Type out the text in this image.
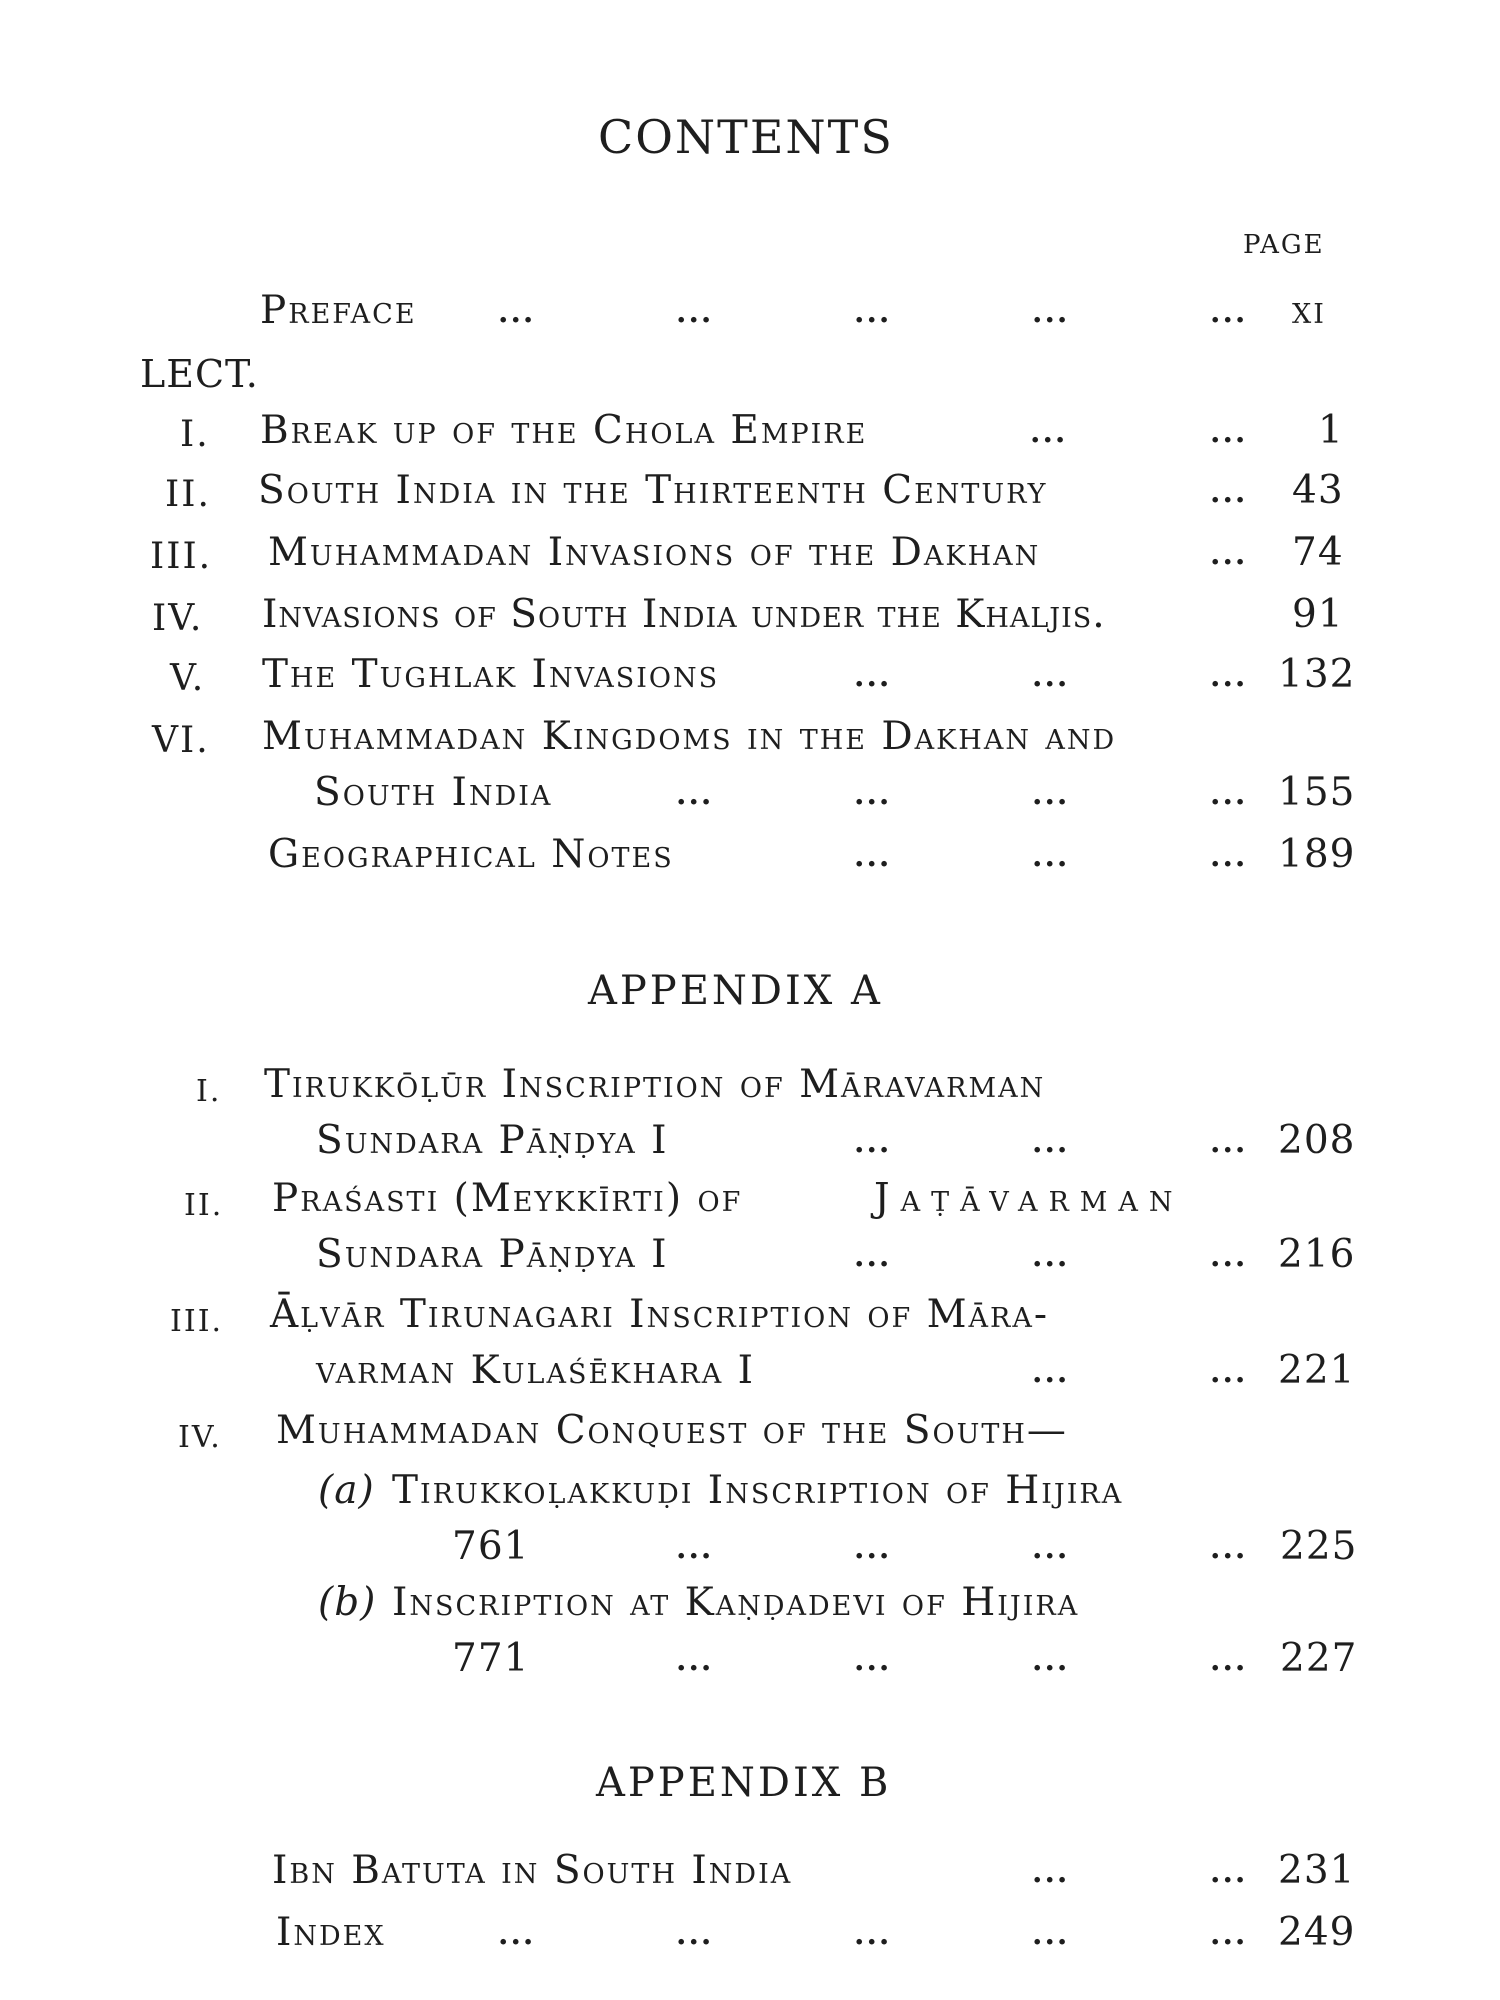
CONTENTS
PAGE
Preface	...	...	...	...	... xi
LECT.
I. Break up of the Chola Empire	...	... 1
II. South India in the Thirteenth Century	... 43
III. Muhammadan Invasions of the Dakhan	... 74
IV. Invasions of South India under the Khaljis.	91
V. The Tughlak Invasions	...	...	... 132
VI. Muhammadan Kingdoms in the Dakhan and
South India	...	...	...	... 155
Geographical Notes	...	...	... 189
APPENDIX A
I. Tirukkōḷūr Inscription of Māravarman
Sundara Pāṇḍya I	...	...	... 208
II. Praśasti (Meykkīrti) of	Jaṭāvarman
Sundara Pāṇḍya I	...	...	... 216
III. Āḷvār Tirunagari Inscription of Māra-
varman Kulaśēkhara I	...	... 221
IV. Muhammadan Conquest of the South—
(a) Tirukkoḷakkuḍi Inscription of Hijira
761	...	...	...	... 225
(b) Inscription at Kaṇḍadevi of Hijira
771	...	...	...	... 227
APPENDIX B
Ibn Batuta in South India	...	... 231
Index	...	...	...	...	... 249
